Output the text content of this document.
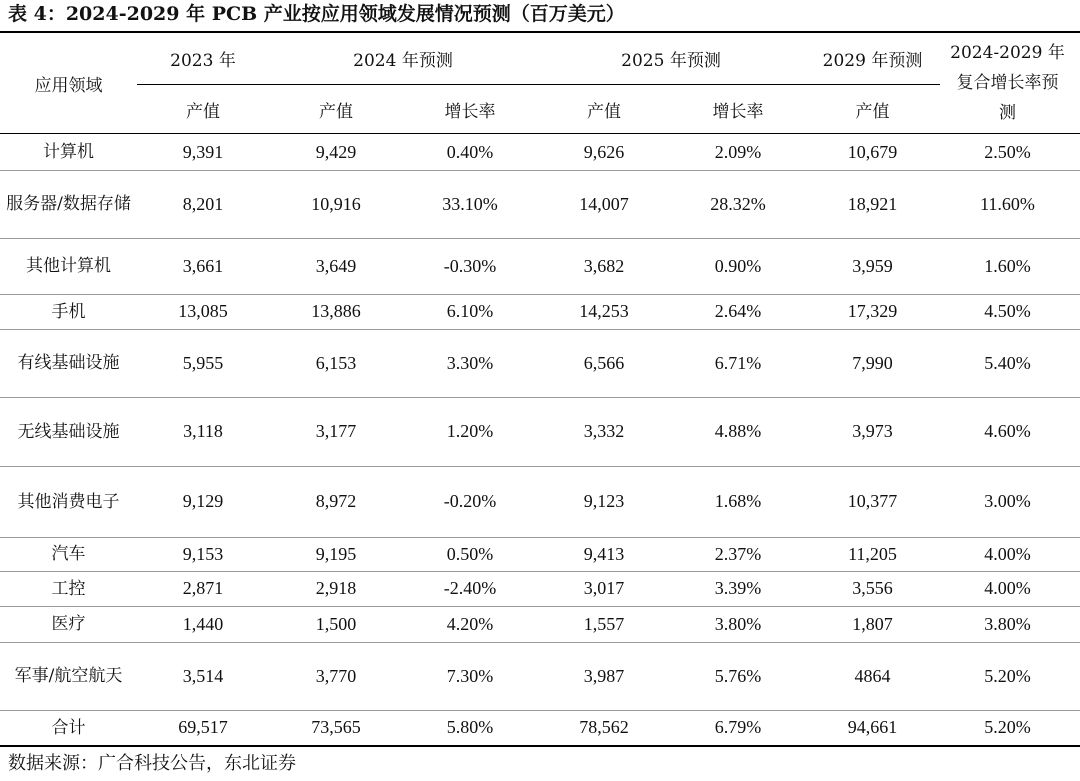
表 4：2024-2029 年 PCB 产业按应用领域发展情况预测（百万美元）
应用领域
2023 年	2024 年预测	2025 年预测	2029 年预测	2024-2029 年复合增长率预测
产值	产值	增长率	产值	增长率	产值
计算机	9,391	9,429	0.40%	9,626	2.09%	10,679	2.50%
服务器/数据存储	8,201	10,916	33.10%	14,007	28.32%	18,921	11.60%
其他计算机	3,661	3,649	-0.30%	3,682	0.90%	3,959	1.60%
手机	13,085	13,886	6.10%	14,253	2.64%	17,329	4.50%
有线基础设施	5,955	6,153	3.30%	6,566	6.71%	7,990	5.40%
无线基础设施	3,118	3,177	1.20%	3,332	4.88%	3,973	4.60%
其他消费电子	9,129	8,972	-0.20%	9,123	1.68%	10,377	3.00%
汽车	9,153	9,195	0.50%	9,413	2.37%	11,205	4.00%
工控	2,871	2,918	-2.40%	3,017	3.39%	3,556	4.00%
医疗	1,440	1,500	4.20%	1,557	3.80%	1,807	3.80%
军事/航空航天	3,514	3,770	7.30%	3,987	5.76%	4864	5.20%
合计	69,517	73,565	5.80%	78,562	6.79%	94,661	5.20%
数据来源：广合科技公告，东北证券
